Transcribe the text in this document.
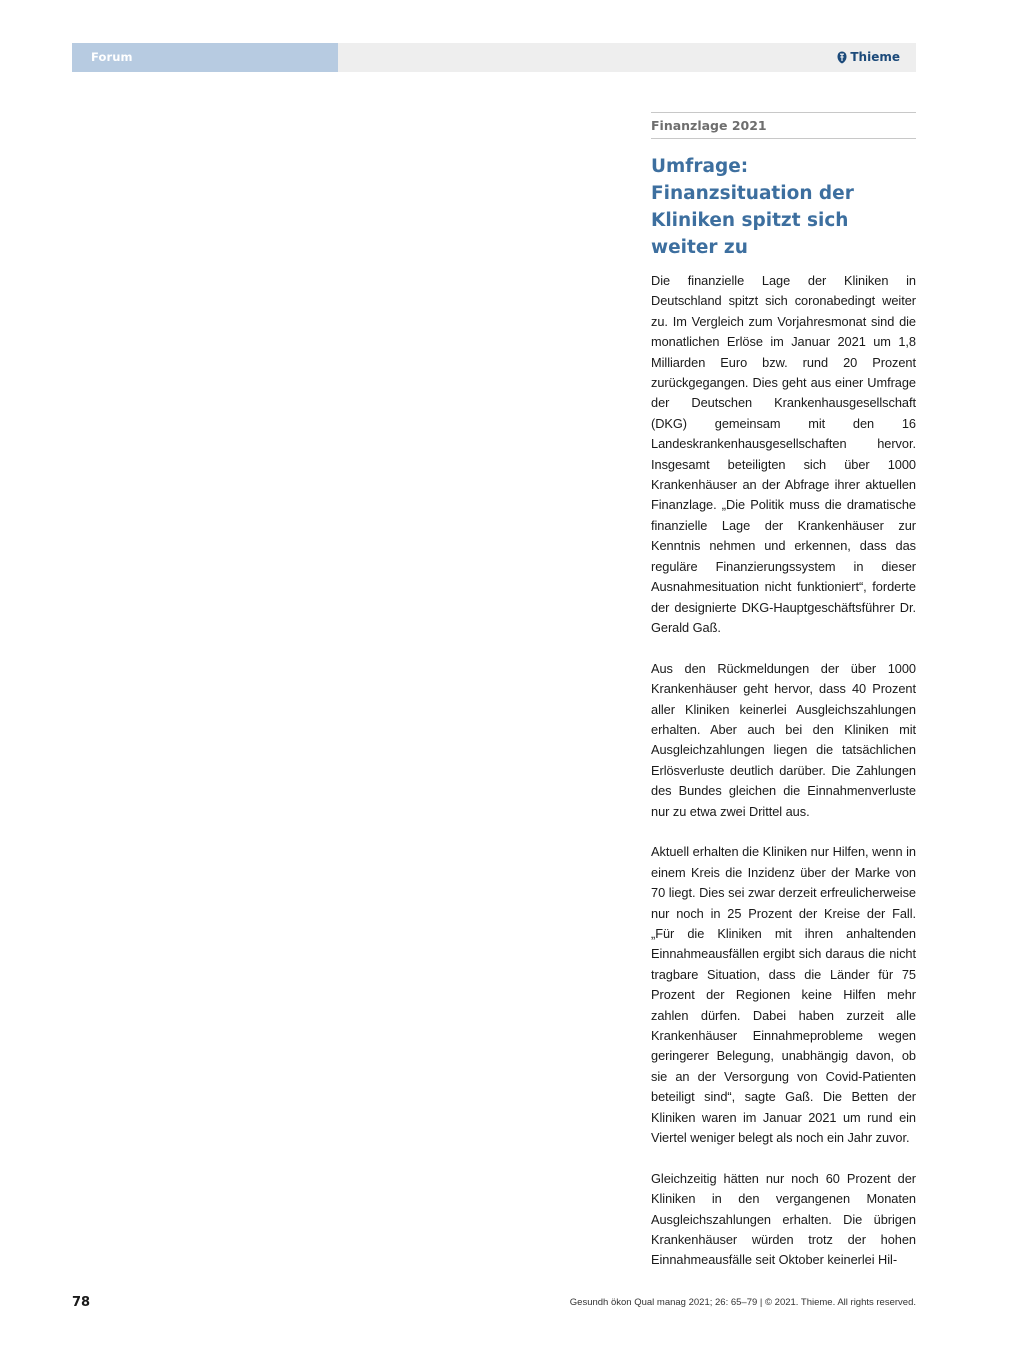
Forum	Thieme
Finanzlage 2021
Umfrage: Finanzsituation der Kliniken spitzt sich weiter zu

Die finanzielle Lage der Kliniken in Deutschland spitzt sich coronabedingt weiter zu. Im Vergleich zum Vorjahresmonat sind die monatlichen Erlöse im Januar 2021 um 1,8 Milliarden Euro bzw. rund 20 Prozent zurückgegangen. Dies geht aus einer Umfrage der Deutschen Krankenhausgesellschaft (DKG) gemeinsam mit den 16 Landeskrankenhausgesellschaften hervor. Insgesamt beteiligten sich über 1000 Krankenhäuser an der Abfrage ihrer aktuellen Finanzlage. „Die Politik muss die dramatische finanzielle Lage der Krankenhäuser zur Kenntnis nehmen und erkennen, dass das reguläre Finanzierungssystem in dieser Ausnahmesituation nicht funktioniert“, forderte der designierte DKG-Hauptgeschäftsführer Dr. Gerald Gaß.

Aus den Rückmeldungen der über 1000 Krankenhäuser geht hervor, dass 40 Prozent aller Kliniken keinerlei Ausgleichszahlungen erhalten. Aber auch bei den Kliniken mit Ausgleichzahlungen liegen die tatsächlichen Erlösverluste deutlich darüber. Die Zahlungen des Bundes gleichen die Einnahmenverluste nur zu etwa zwei Drittel aus.

Aktuell erhalten die Kliniken nur Hilfen, wenn in einem Kreis die Inzidenz über der Marke von 70 liegt. Dies sei zwar derzeit erfreulicherweise nur noch in 25 Prozent der Kreise der Fall. „Für die Kliniken mit ihren anhaltenden Einnahmeausfällen ergibt sich daraus die nicht tragbare Situation, dass die Länder für 75 Prozent der Regionen keine Hilfen mehr zahlen dürfen. Dabei haben zurzeit alle Krankenhäuser Einnahmeprobleme wegen geringerer Belegung, unabhängig davon, ob sie an der Versorgung von Covid-Patienten beteiligt sind“, sagte Gaß. Die Betten der Kliniken waren im Januar 2021 um rund ein Viertel weniger belegt als noch ein Jahr zuvor.

Gleichzeitig hätten nur noch 60 Prozent der Kliniken in den vergangenen Monaten Ausgleichszahlungen erhalten. Die übrigen Krankenhäuser würden trotz der hohen Einnahmeausfälle seit Oktober keinerlei Hil-

78	Gesundh ökon Qual manag 2021; 26: 65–79 | © 2021. Thieme. All rights reserved.
